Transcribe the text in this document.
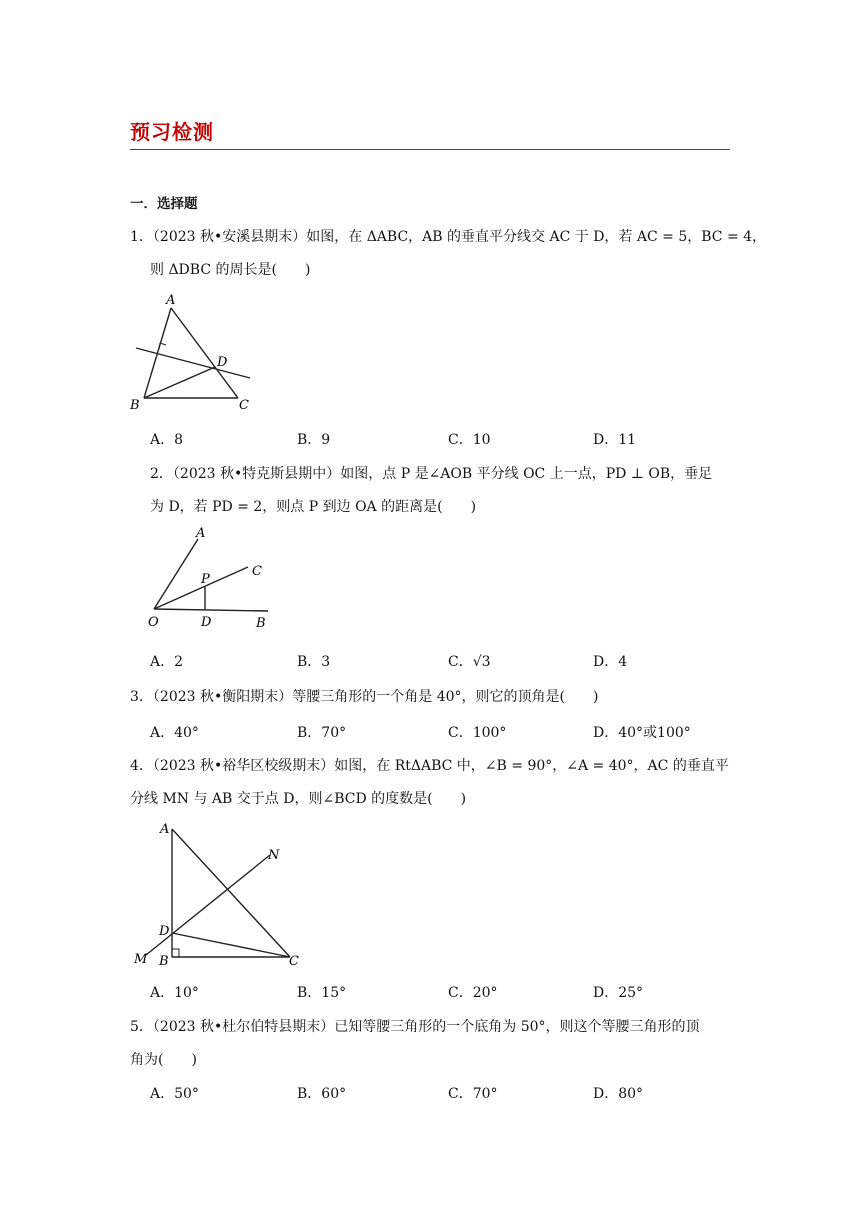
预习检测
一．选择题
1．（2023 秋•安溪县期末）如图，在 ΔABC，AB 的垂直平分线交 AC 于 D，若 AC = 5，BC = 4，
则 ΔDBC 的周长是(　　)
A
D
B	C
A．8	B．9	C．10	D．11
2．（2023 秋•特克斯县期中）如图，点 P 是∠AOB 平分线 OC 上一点，PD ⊥ OB，垂足
为 D，若 PD = 2，则点 P 到边 OA 的距离是(　　)
A
P
C
O	D	B
A．2	B．3	C．√3	D．4
3．（2023 秋•衡阳期末）等腰三角形的一个角是 40°，则它的顶角是(　　)
A．40°	B．70°	C．100°	D．40°或100°
4．（2023 秋•裕华区校级期末）如图，在 RtΔABC 中，∠B = 90°，∠A = 40°，AC 的垂直平
分线 MN 与 AB 交于点 D，则∠BCD 的度数是(　　)
A
N
D
M B	C
A．10°	B．15°	C．20°	D．25°
5．（2023 秋•杜尔伯特县期末）已知等腰三角形的一个底角为 50°，则这个等腰三角形的顶
角为(　　)
A．50°	B．60°	C．70°	D．80°
